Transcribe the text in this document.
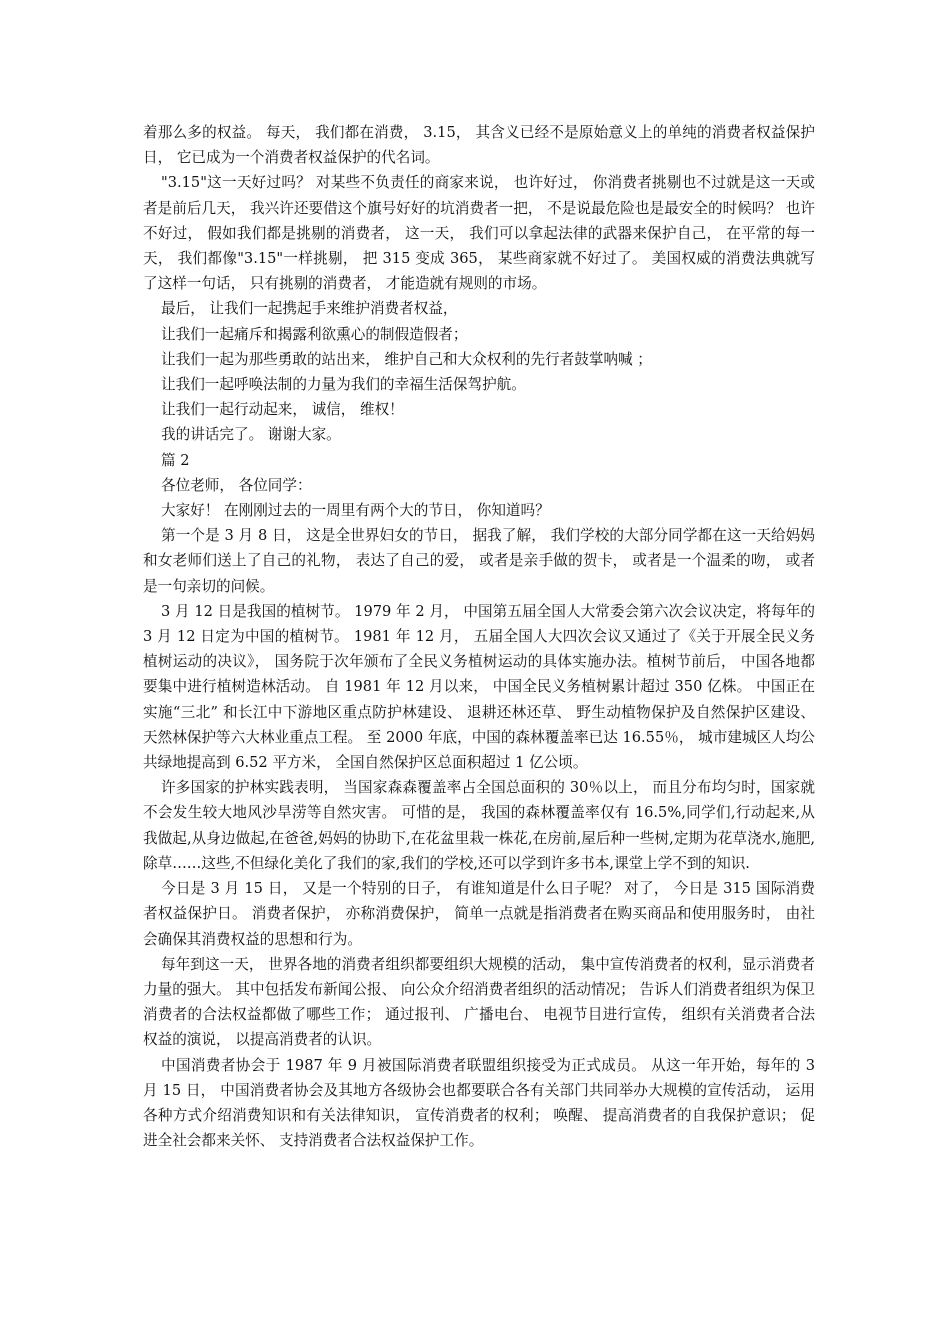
着那么多的权益。 每天， 我们都在消费， 3.15， 其含义已经不是原始意义上的单纯的消费者权益保护日， 它已成为一个消费者权益保护的代名词。

"3.15"这一天好过吗？ 对某些不负责任的商家来说， 也许好过， 你消费者挑剔也不过就是这一天或者是前后几天， 我兴许还要借这个旗号好好的坑消费者一把， 不是说最危险也是最安全的时候吗？ 也许不好过， 假如我们都是挑剔的消费者， 这一天， 我们可以拿起法律的武器来保护自己， 在平常的每一天， 我们都像"3.15"一样挑剔， 把 315 变成 365， 某些商家就不好过了。 美国权威的消费法典就写了这样一句话， 只有挑剔的消费者， 才能造就有规则的市场。

最后， 让我们一起携起手来维护消费者权益，

让我们一起痛斥和揭露利欲熏心的制假造假者；

让我们一起为那些勇敢的站出来， 维护自己和大众权利的先行者鼓掌呐喊 ；

让我们一起呼唤法制的力量为我们的幸福生活保驾护航。

让我们一起行动起来， 诚信， 维权！

我的讲话完了。 谢谢大家。

篇 2

各位老师， 各位同学：

大家好！ 在刚刚过去的一周里有两个大的节日， 你知道吗？

第一个是 3 月 8 日， 这是全世界妇女的节日， 据我了解， 我们学校的大部分同学都在这一天给妈妈和女老师们送上了自己的礼物， 表达了自己的爱， 或者是亲手做的贺卡， 或者是一个温柔的吻， 或者是一句亲切的问候。

3 月 12 日是我国的植树节。 1979 年 2 月， 中国第五届全国人大常委会第六次会议决定，将每年的 3 月 12 日定为中国的植树节。 1981 年 12 月， 五届全国人大四次会议又通过了《关于开展全民义务植树运动的决议》， 国务院于次年颁布了全民义务植树运动的具体实施办法。植树节前后， 中国各地都要集中进行植树造林活动。 自 1981 年 12 月以来， 中国全民义务植树累计超过 350 亿株。 中国正在实施“三北” 和长江中下游地区重点防护林建设、 退耕还林还草、 野生动植物保护及自然保护区建设、 天然林保护等六大林业重点工程。 至 2000 年底，中国的森林覆盖率已达 16.55％， 城市建城区人均公共绿地提高到 6.52 平方米， 全国自然保护区总面积超过 1 亿公顷。

许多国家的护林实践表明， 当国家森森覆盖率占全国总面积的 30％以上， 而且分布均匀时，国家就不会发生较大地风沙旱涝等自然灾害。 可惜的是， 我国的森林覆盖率仅有 16.5%,同学们,行动起来,从我做起,从身边做起,在爸爸,妈妈的协助下,在花盆里栽一株花,在房前,屋后种一些树,定期为花草浇水,施肥,除草……这些,不但绿化美化了我们的家,我们的学校,还可以学到许多书本,课堂上学不到的知识.

今日是 3 月 15 日， 又是一个特别的日子， 有谁知道是什么日子呢？ 对了， 今日是 315 国际消费者权益保护日。 消费者保护， 亦称消费保护， 简单一点就是指消费者在购买商品和使用服务时， 由社会确保其消费权益的思想和行为。

每年到这一天， 世界各地的消费者组织都要组织大规模的活动， 集中宣传消费者的权利，显示消费者力量的强大。 其中包括发布新闻公报、 向公众介绍消费者组织的活动情况； 告诉人们消费者组织为保卫消费者的合法权益都做了哪些工作； 通过报刊、 广播电台、 电视节目进行宣传， 组织有关消费者合法权益的演说， 以提高消费者的认识。

中国消费者协会于 1987 年 9 月被国际消费者联盟组织接受为正式成员。 从这一年开始，每年的 3 月 15 日， 中国消费者协会及其地方各级协会也都要联合各有关部门共同举办大规模的宣传活动， 运用各种方式介绍消费知识和有关法律知识， 宣传消费者的权利； 唤醒、 提高消费者的自我保护意识； 促进全社会都来关怀、 支持消费者合法权益保护工作。
